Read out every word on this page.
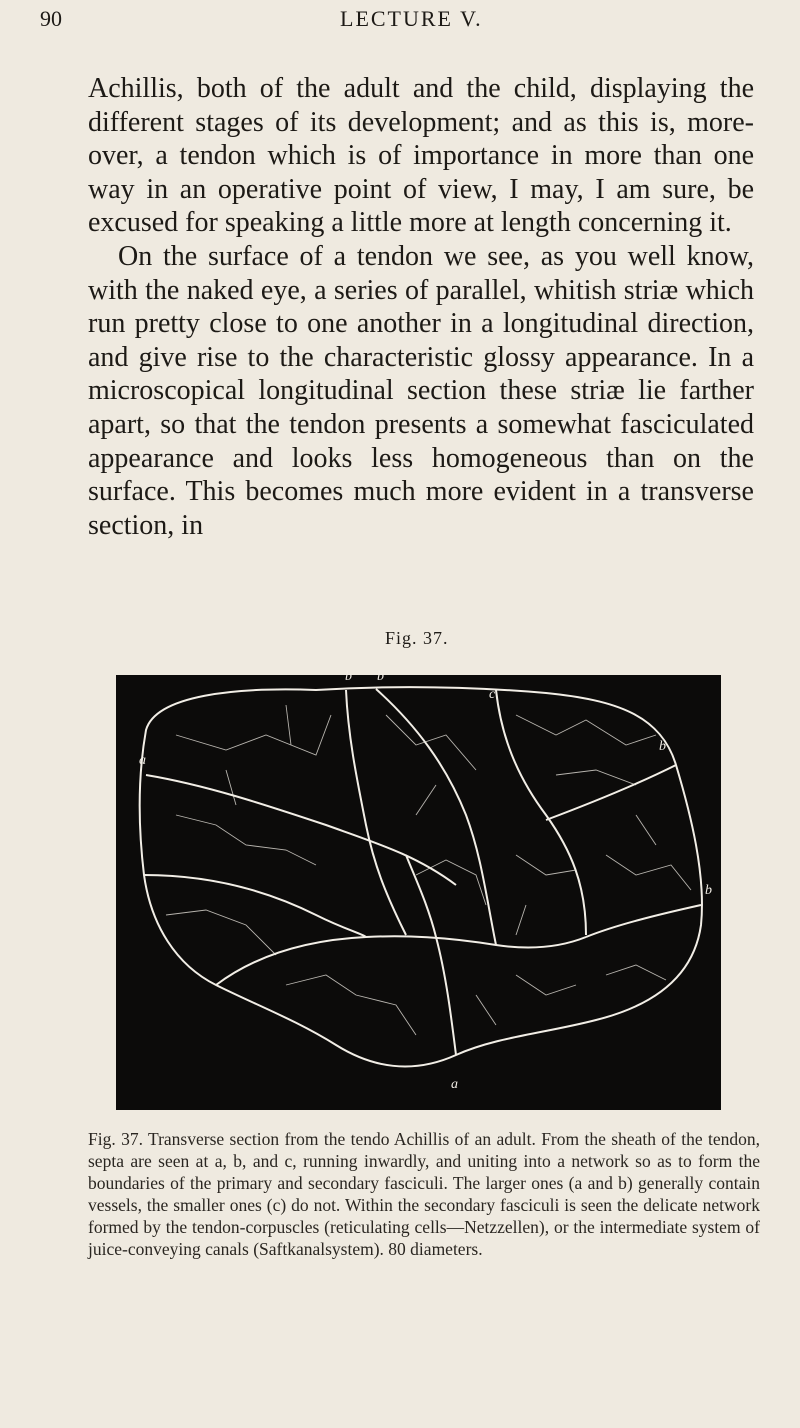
90	LECTURE V.

Achillis, both of the adult and the child, displaying the different stages of its development; and as this is, more-over, a tendon which is of importance in more than one way in an operative point of view, I may, I am sure, be excused for speaking a little more at length concerning it.

On the surface of a tendon we see, as you well know, with the naked eye, a series of parallel, whitish striæ which run pretty close to one another in a longitudinal direction, and give rise to the characteristic glossy appearance. In a microscopical longitudinal section these striæ lie farther apart, so that the tendon presents a somewhat fasciculated appearance and looks less homogeneous than on the surface. This becomes much more evident in a transverse section, in

Fig. 37.
b b
c
a
b
b
a
Fig. 37. Transverse section from the tendo Achillis of an adult. From the sheath of the tendon, septa are seen at a, b, and c, running inwardly, and uniting into a network so as to form the boundaries of the primary and secondary fasciculi. The larger ones (a and b) generally contain vessels, the smaller ones (c) do not. Within the secondary fasciculi is seen the delicate network formed by the tendon-corpuscles (reticulating cells—Netzzellen), or the intermediate system of juice-conveying canals (Saftkanalsystem). 80 diameters.
